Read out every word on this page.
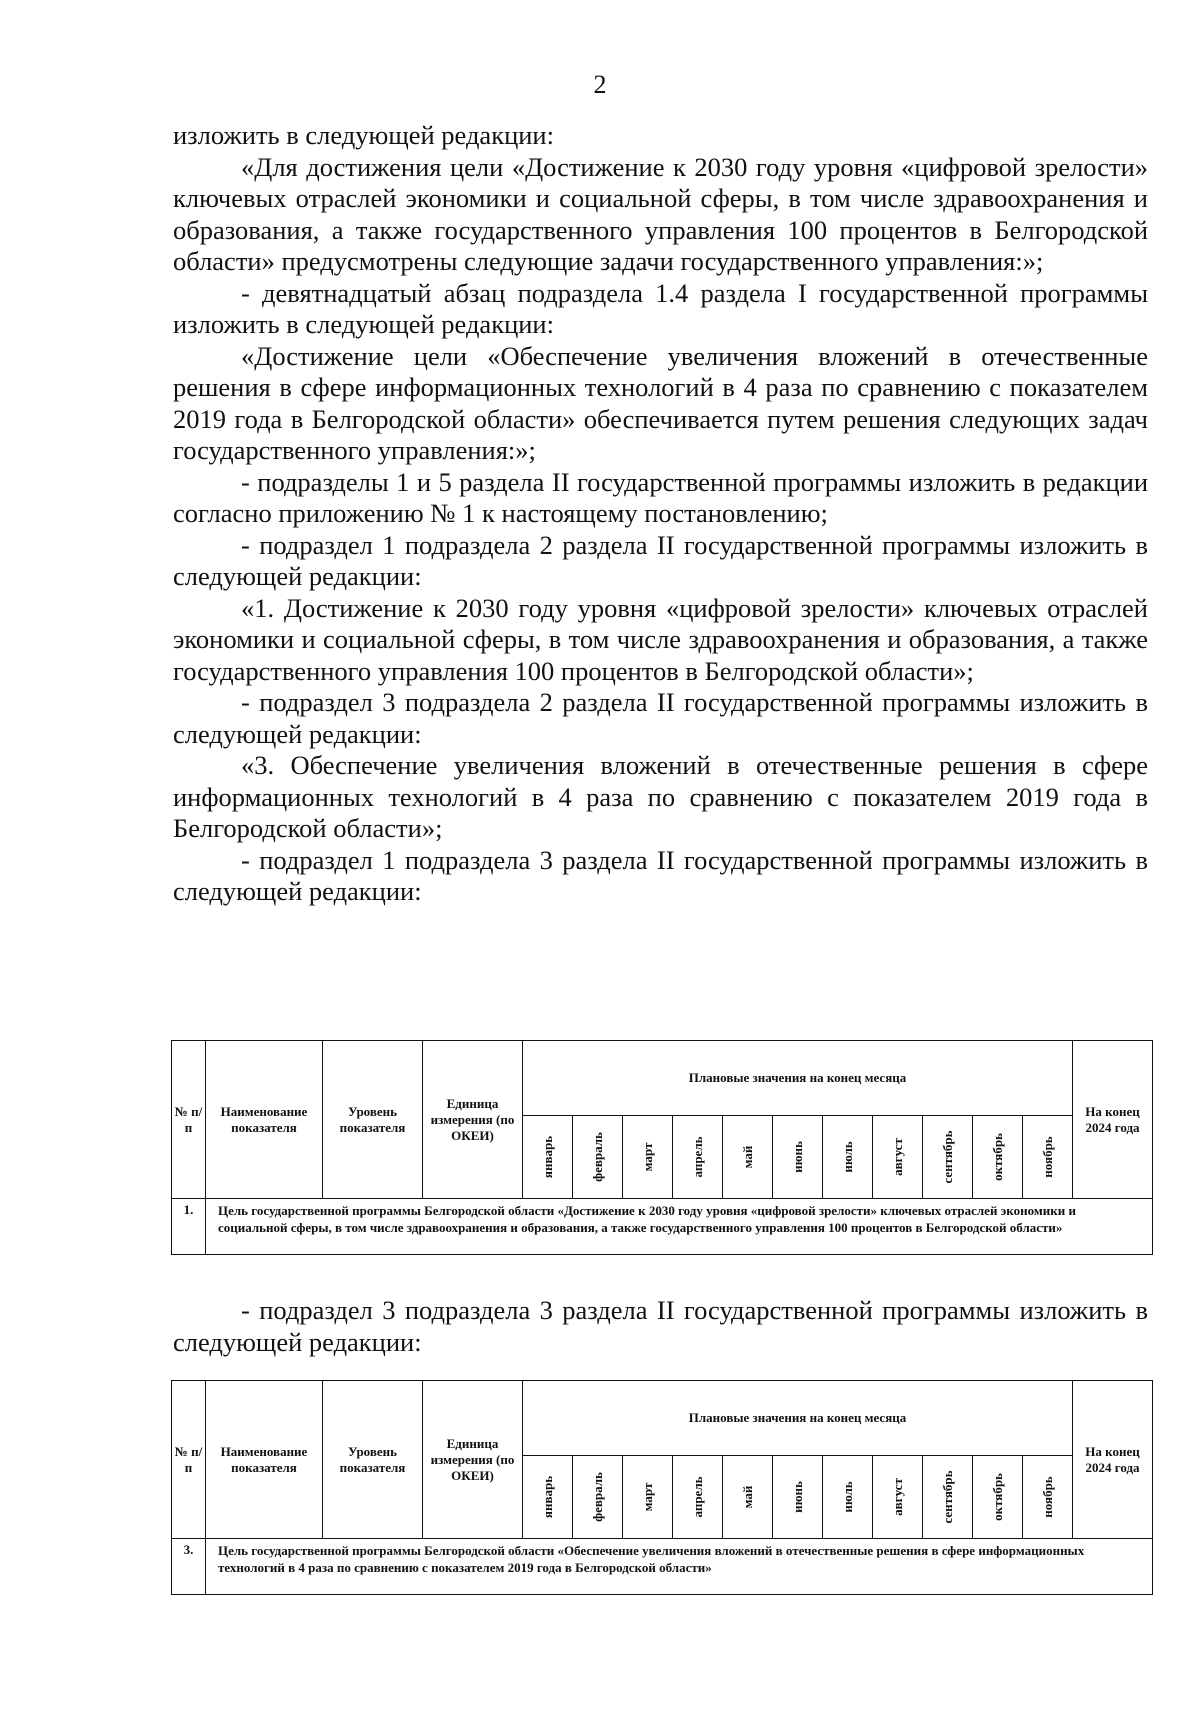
2

изложить в следующей редакции:

«Для достижения цели «Достижение к 2030 году уровня «цифровой зрелости» ключевых отраслей экономики и социальной сферы, в том числе здравоохранения и образования, а также государственного управления 100 процентов в Белгородской области» предусмотрены следующие задачи государственного управления:»;

- девятнадцатый абзац подраздела 1.4 раздела I государственной программы изложить в следующей редакции:

«Достижение цели «Обеспечение увеличения вложений в отечественные решения в сфере информационных технологий в 4 раза по сравнению с показателем 2019 года в Белгородской области» обеспечивается путем решения следующих задач государственного управления:»;

- подразделы 1 и 5 раздела II государственной программы изложить в редакции согласно приложению № 1 к настоящему постановлению;

- подраздел 1 подраздела 2 раздела II государственной программы изложить в следующей редакции:

«1. Достижение к 2030 году уровня «цифровой зрелости» ключевых отраслей экономики и социальной сферы, в том числе здравоохранения и образования, а также государственного управления 100 процентов в Белгородской области»;

- подраздел 3 подраздела 2 раздела II государственной программы изложить в следующей редакции:

«3. Обеспечение увеличения вложений в отечественные решения в сфере информационных технологий в 4 раза по сравнению с показателем 2019 года в Белгородской области»;

- подраздел 1 подраздела 3 раздела II государственной программы изложить в следующей редакции:

№ п/п	Наименование показателя	Уровень показателя	Единица измерения (по ОКЕИ)	Плановые значения на конец месяца											На конец 2024 года

				январь	февраль	март	апрель	май	июнь	июль	август	сентябрь	октябрь	ноябрь	

1.	Цель государственной программы Белгородской области «Достижение к 2030 году уровня «цифровой зрелости» ключевых отраслей экономики и социальной сферы, в том числе здравоохранения и образования, а также государственного управления 100 процентов в Белгородской области»														

- подраздел 3 подраздела 3 раздела II государственной программы изложить в следующей редакции:

№ п/п	Наименование показателя	Уровень показателя	Единица измерения (по ОКЕИ)	Плановые значения на конец месяца											На конец 2024 года

				январь	февраль	март	апрель	май	июнь	июль	август	сентябрь	октябрь	ноябрь	

3.	Цель государственной программы Белгородской области «Обеспечение увеличения вложений в отечественные решения в сфере информационных технологий в 4 раза по сравнению с показателем 2019 года в Белгородской области»														
